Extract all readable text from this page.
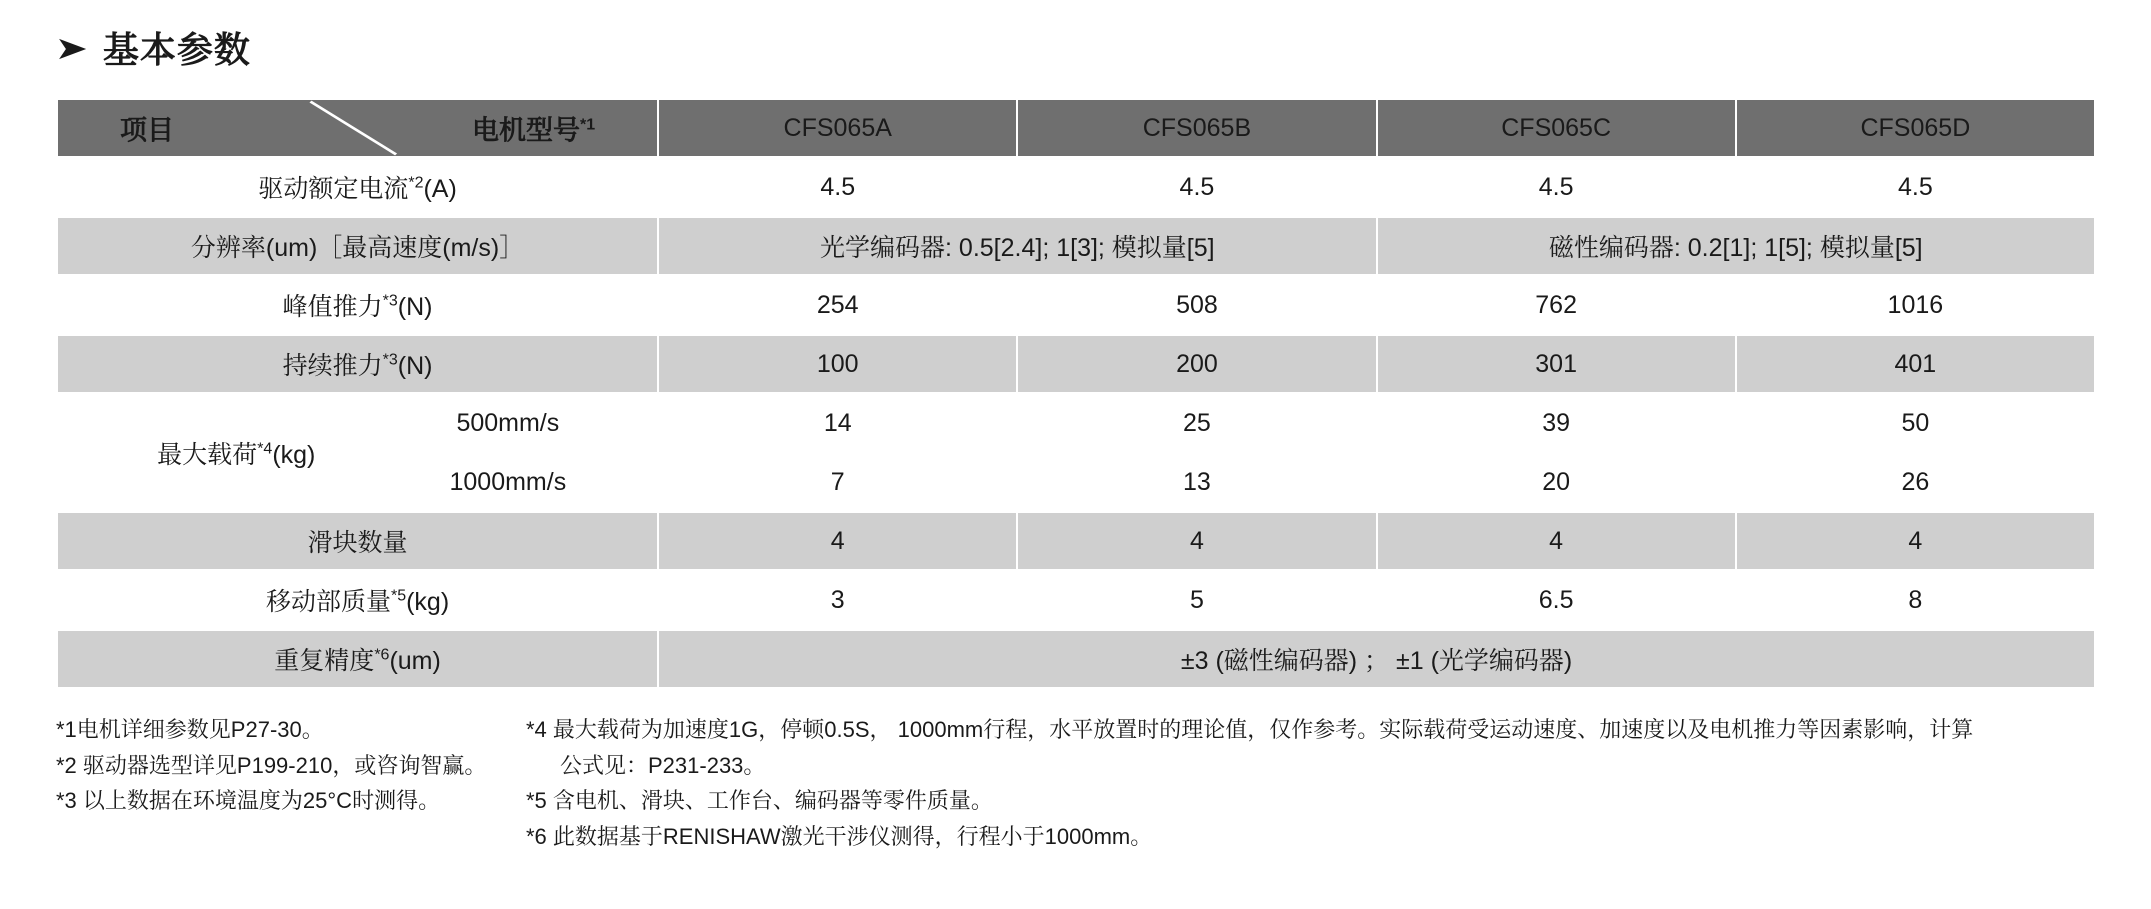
➤ 基本参数
项目 电机型号$^{*1}$		CFS065A	CFS065B	CFS065C	CFS065D
驱动额定电流$^{*2}$(A)		4.5	4.5	4.5	4.5
分辨率(um)［最高速度(m/s)］		光学编码器: 0.5[2.4]; 1[3]; 模拟量[5]		磁性编码器: 0.2[1]; 1[5]; 模拟量[5]	
峰值推力$^{*3}$(N)		254	508	762	1016
持续推力$^{*3}$(N)		100	200	301	401
最大载荷$^{*4}$(kg)	500mm/s	14	25	39	50
	1000mm/s	7	13	20	26
滑块数量		4	4	4	4
移动部质量$^{*5}$(kg)		3	5	6.5	8
重复精度$^{*6}$(um)		±3 (磁性编码器) ； ±1 (光学编码器)			
*1电机详细参数见P27-30。
*2 驱动器选型详见P199-210，或咨询智赢。
*3 以上数据在环境温度为25°C时测得。
*4 最大载荷为加速度1G，停顿0.5S， 1000mm行程，水平放置时的理论值，仅作参考。实际载荷受运动速度、加速度以及电机推力等因素影响，计算
公式见：P231-233。
*5 含电机、滑块、工作台、编码器等零件质量。
*6 此数据基于RENISHAW激光干涉仪测得，行程小于1000mm。
